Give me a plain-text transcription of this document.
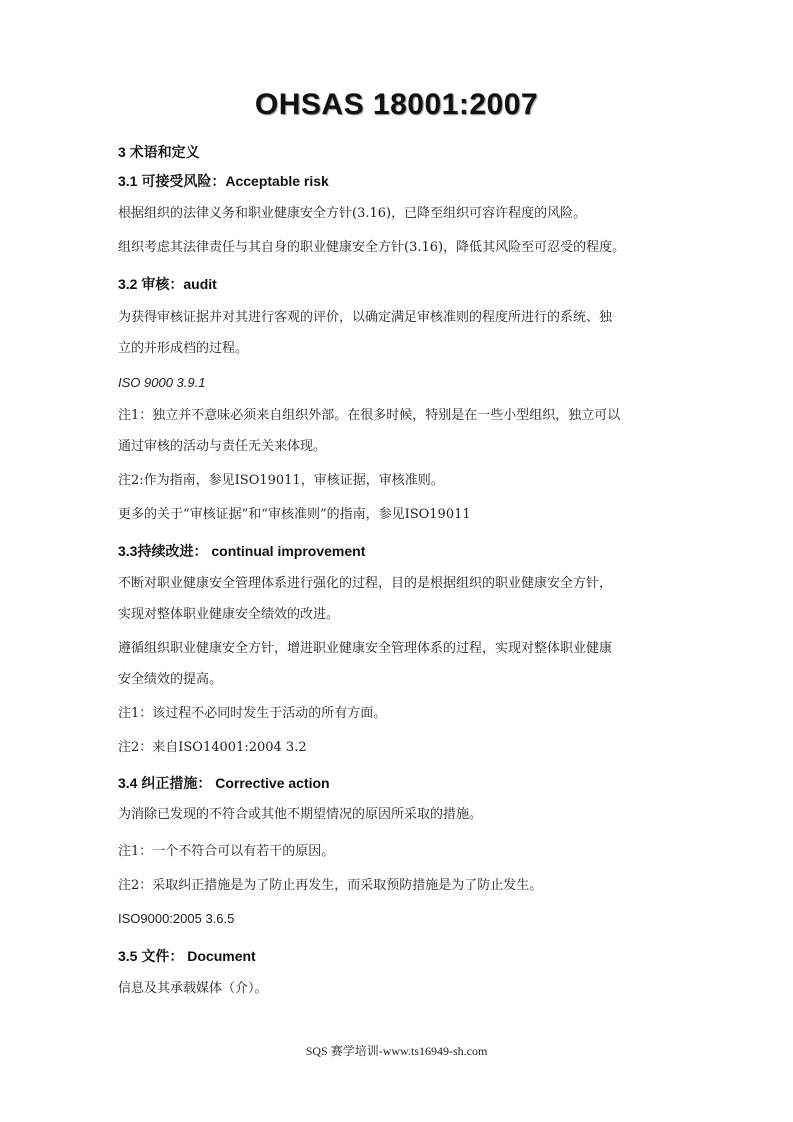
OHSAS 18001:2007
3 术语和定义
3.1 可接受风险：Acceptable risk
根据组织的法律义务和职业健康安全方针(3.16)，已降至组织可容许程度的风险。
组织考虑其法律责任与其自身的职业健康安全方针(3.16)，降低其风险至可忍受的程度。
3.2 审核：audit
为获得审核证据并对其进行客观的评价，以确定满足审核准则的程度所进行的系统、独
立的并形成档的过程。
ISO 9000 3.9.1
注1：独立并不意味必须来自组织外部。在很多时候，特别是在一些小型组织，独立可以
通过审核的活动与责任无关来体现。
注2:作为指南，参见ISO19011，审核证据，审核准则。
更多的关于“审核证据”和“审核准则”的指南，参见ISO19011
3.3持续改进： continual improvement
不断对职业健康安全管理体系进行强化的过程，目的是根据组织的职业健康安全方针，
实现对整体职业健康安全绩效的改进。
遵循组织职业健康安全方针，增进职业健康安全管理体系的过程，实现对整体职业健康
安全绩效的提高。
注1：该过程不必同时发生于活动的所有方面。
注2：来自ISO14001:2004 3.2
3.4 纠正措施： Corrective action
为消除已发现的不符合或其他不期望情况的原因所采取的措施。
注1：一个不符合可以有若干的原因。
注2：采取纠正措施是为了防止再发生，而采取预防措施是为了防止发生。
ISO9000:2005 3.6.5
3.5 文件： Document
信息及其承载媒体（介）。
SQS 赛学培训-www.ts16949-sh.com
